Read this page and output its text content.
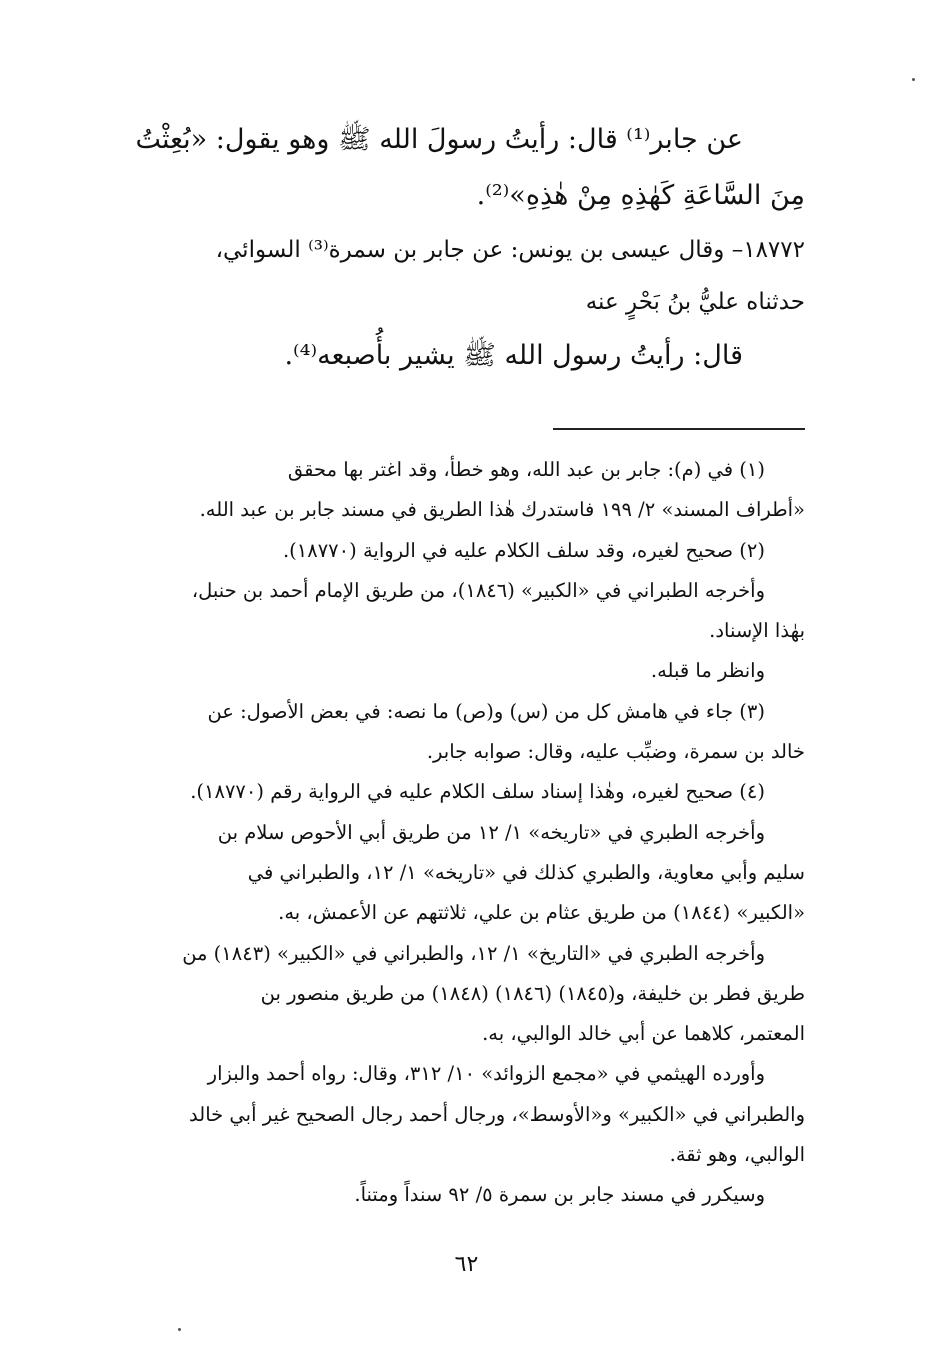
عن جابر⁽¹⁾ قال: رأيتُ رسولَ الله ﷺ وهو يقول: «بُعِثْتُ
مِنَ السَّاعَةِ كَهٰذِهِ مِنْ هٰذِهِ»⁽²⁾.
١٨٧٧٢– وقال عيسى بن يونس: عن جابر بن سمرة⁽³⁾ السوائي،
حدثناه عليُّ بنُ بَحْرٍ عنه
قال: رأيتُ رسول الله ﷺ يشير بأُصبعه⁽⁴⁾.
(١) في (م): جابر بن عبد الله، وهو خطأ، وقد اغتر بها محقق
«أطراف المسند» ٢/ ١٩٩ فاستدرك هٰذا الطريق في مسند جابر بن عبد الله.
(٢) صحيح لغيره، وقد سلف الكلام عليه في الرواية (١٨٧٧٠).
وأخرجه الطبراني في «الكبير» (١٨٤٦)، من طريق الإمام أحمد بن حنبل،
بهٰذا الإسناد.
وانظر ما قبله.
(٣) جاء في هامش كل من (س) و(ص) ما نصه: في بعض الأصول: عن
خالد بن سمرة، وضبِّب عليه، وقال: صوابه جابر.
(٤) صحيح لغيره، وهٰذا إسناد سلف الكلام عليه في الرواية رقم (١٨٧٧٠).
وأخرجه الطبري في «تاريخه» ١/ ١٢ من طريق أبي الأحوص سلام بن
سليم وأبي معاوية، والطبري كذلك في «تاريخه» ١/ ١٢، والطبراني في
«الكبير» (١٨٤٤) من طريق عثام بن علي، ثلاثتهم عن الأعمش، به.
وأخرجه الطبري في «التاريخ» ١/ ١٢، والطبراني في «الكبير» (١٨٤٣) من
طريق فطر بن خليفة، و(١٨٤٥) (١٨٤٦) (١٨٤٨) من طريق منصور بن
المعتمر، كلاهما عن أبي خالد الوالبي، به.
وأورده الهيثمي في «مجمع الزوائد» ١٠/ ٣١٢، وقال: رواه أحمد والبزار
والطبراني في «الكبير» و«الأوسط»، ورجال أحمد رجال الصحيح غير أبي خالد
الوالبي، وهو ثقة.
وسيكرر في مسند جابر بن سمرة ٥/ ٩٢ سنداً ومتناً.
٦٢
